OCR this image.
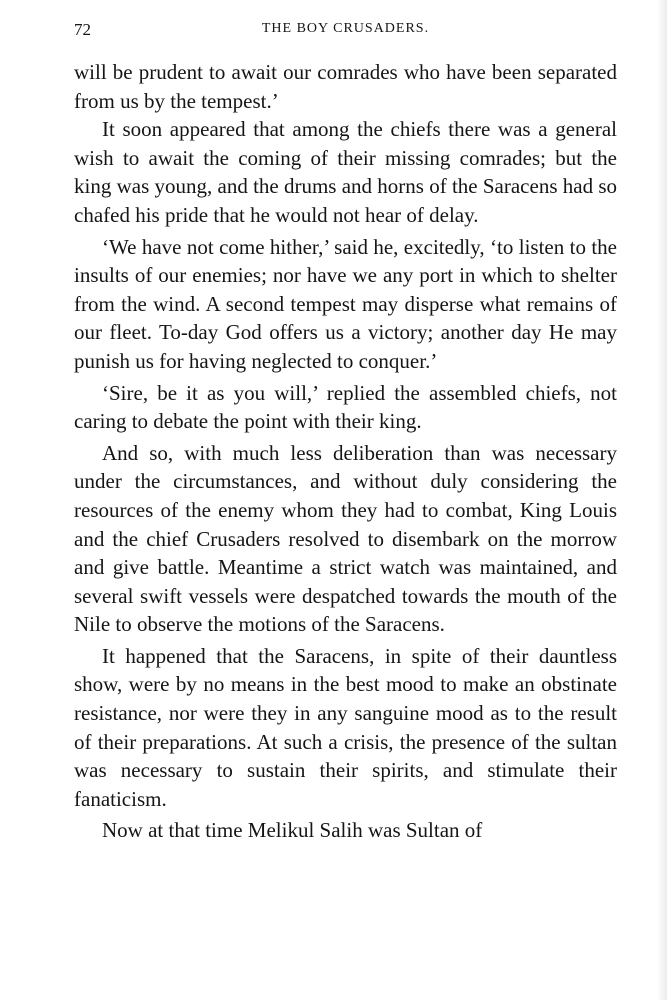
72	THE BOY CRUSADERS.

will be prudent to await our comrades who have been separated from us by the tempest.’

It soon appeared that among the chiefs there was a general wish to await the coming of their missing comrades; but the king was young, and the drums and horns of the Saracens had so chafed his pride that he would not hear of delay.

‘We have not come hither,’ said he, excitedly, ‘to listen to the insults of our enemies; nor have we any port in which to shelter from the wind. A second tempest may disperse what remains of our fleet. To-day God offers us a victory; another day He may punish us for having neglected to conquer.’

‘Sire, be it as you will,’ replied the assembled chiefs, not caring to debate the point with their king.

And so, with much less deliberation than was necessary under the circumstances, and without duly considering the resources of the enemy whom they had to combat, King Louis and the chief Crusaders resolved to disembark on the morrow and give battle. Meantime a strict watch was maintained, and several swift vessels were despatched towards the mouth of the Nile to observe the motions of the Saracens.

It happened that the Saracens, in spite of their dauntless show, were by no means in the best mood to make an obstinate resistance, nor were they in any sanguine mood as to the result of their preparations. At such a crisis, the presence of the sultan was necessary to sustain their spirits, and stimulate their fanaticism.

Now at that time Melikul Salih was Sultan of
